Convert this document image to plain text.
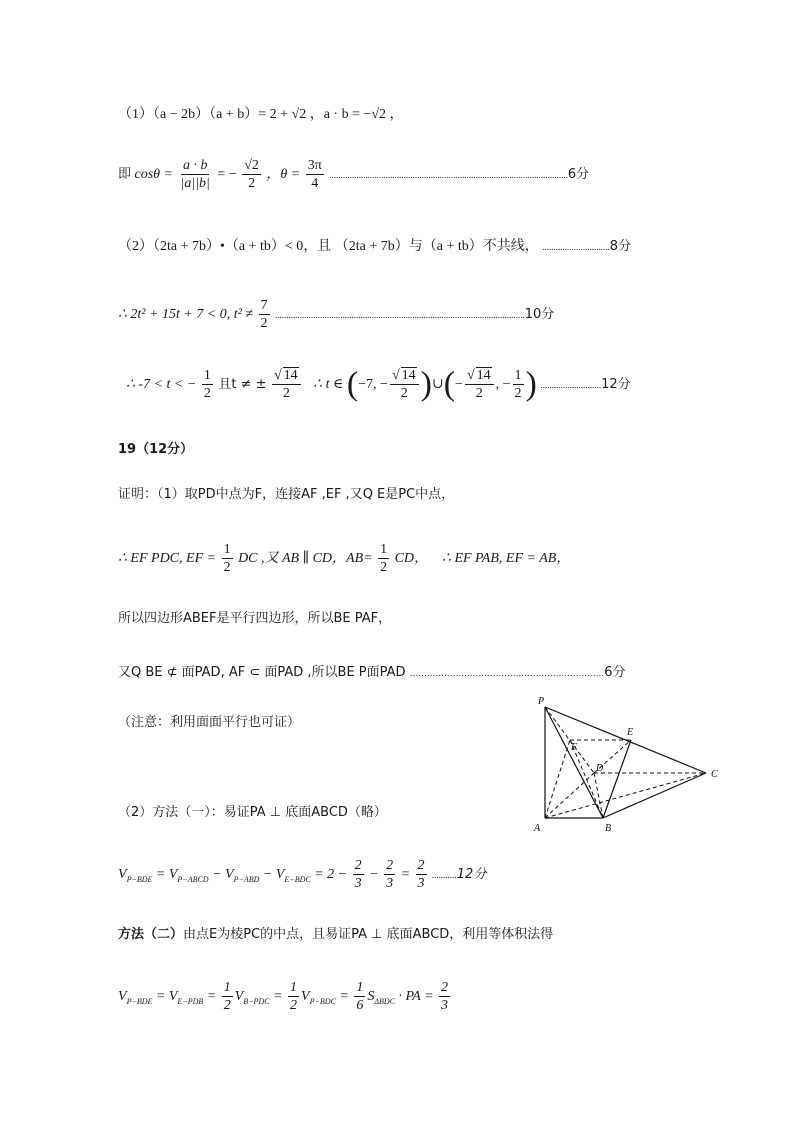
（1）（a − 2b）（a + b）= 2 + √2 ，a · b = −√2 ，
即 $\cos\theta = \frac{a \cdot b}{|a||b|}$ = − $\frac{√2}{2}$ ，$\theta = \frac{3\pi}{4} ..........................................................................................................6$分
（2）（2ta + 7b）•（a + tb）< 0，且 （2ta + 7b）与（a + tb）不共线， ..............................8分
∴ 2t² + 15t + 7 < 0, $t^2 \ne \frac{7}{2} ...............................................................................................................10$分
∴ -7 < t < − $\frac{1}{2}$ 且t ≠ ± $\frac{√ 14}{2}$ ∴ t ∈ (−7, − $\frac{√ 14}{2}$ )∪(− $\frac{√ 14}{2}$ , − $\frac{1}{2}$ ) ...........................12分
19（12分）
证明：（1）取PD中点为F，连接AF ,EF ,又Q E是PC中点，
∴ EF PDC, EF = $\frac{1}{2}$ DC ,又 AB ∥ CD，$AB= \frac{1}{2}$ CD， ∴ EF PAB, EF = AB，
所以四边形ABEF是平行四边形，所以BE PAF，
又Q BE ⊄ 面PAD, AF ⊂ 面PAD ,所以BE P面PAD ....................................................................6分
（注意：利用面面平行也可证）
（2）方法（一）：易证PA ⊥ 底面ABCD（略）
$V_{P-BDE} = V_{P-ABCD} - V_{P-ABD} - V_{E-BDC} = 2 - \frac{2}{3} - \frac{2}{3} = \frac{2}{3} ...........12$分
方法（二）由点E为棱PC的中点，且易证PA ⊥ 底面ABCD，利用等体积法得
$V_{P-BDE} = V_{E-PDB} = \frac{1}{2} V_{B-PDC} = \frac{1}{2} V_{P-BDC} = \frac{1}{6} S_{\Delta BDC}$ · PA = $\frac{2}{3}$
P
E
F
D
C
A	B
